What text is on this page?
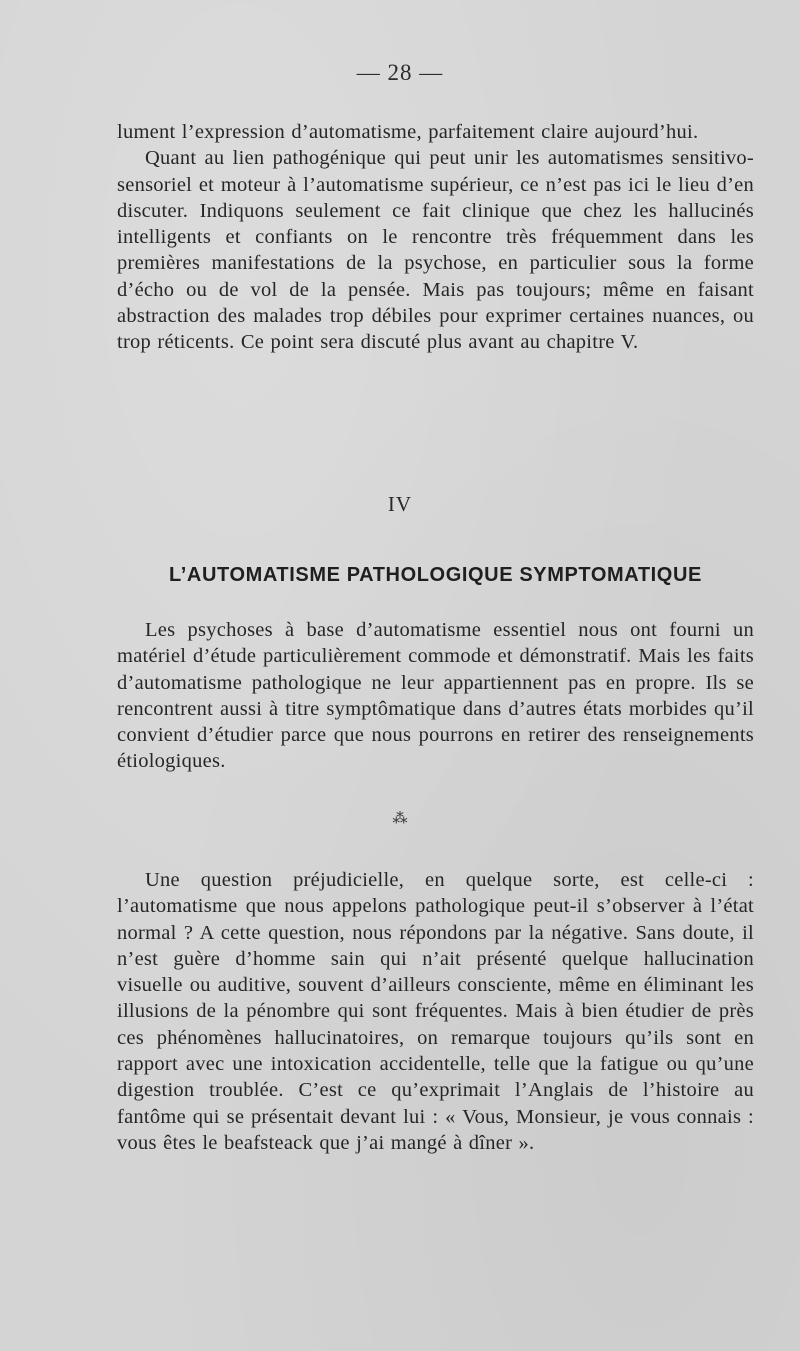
— 28 —

lument l’expression d’automatisme, parfaitement claire aujourd’hui.

Quant au lien pathogénique qui peut unir les automatismes sensitivo-sensoriel et moteur à l’automatisme supérieur, ce n’est pas ici le lieu d’en discuter. Indiquons seulement ce fait clinique que chez les hallucinés intelligents et confiants on le rencontre très fréquemment dans les premières manifestations de la psychose, en particulier sous la forme d’écho ou de vol de la pensée. Mais pas toujours; même en faisant abstraction des malades trop débiles pour exprimer certaines nuances, ou trop réticents. Ce point sera discuté plus avant au chapitre V.

IV
L’AUTOMATISME PATHOLOGIQUE SYMPTOMATIQUE

Les psychoses à base d’automatisme essentiel nous ont fourni un matériel d’étude particulièrement commode et démonstratif. Mais les faits d’automatisme pathologique ne leur appartiennent pas en propre. Ils se rencontrent aussi à titre symptômatique dans d’autres états morbides qu’il convient d’étudier parce que nous pourrons en retirer des renseignements étiologiques.

⁂

Une question préjudicielle, en quelque sorte, est celle-ci : l’automatisme que nous appelons pathologique peut-il s’observer à l’état normal ? A cette question, nous répondons par la négative. Sans doute, il n’est guère d’homme sain qui n’ait présenté quelque hallucination visuelle ou auditive, souvent d’ailleurs consciente, même en éliminant les illusions de la pénombre qui sont fréquentes. Mais à bien étudier de près ces phénomènes hallucinatoires, on remarque toujours qu’ils sont en rapport avec une intoxication accidentelle, telle que la fatigue ou qu’une digestion troublée. C’est ce qu’exprimait l’Anglais de l’histoire au fantôme qui se présentait devant lui : « Vous, Monsieur, je vous connais : vous êtes le beafsteack que j’ai mangé à dîner ».
